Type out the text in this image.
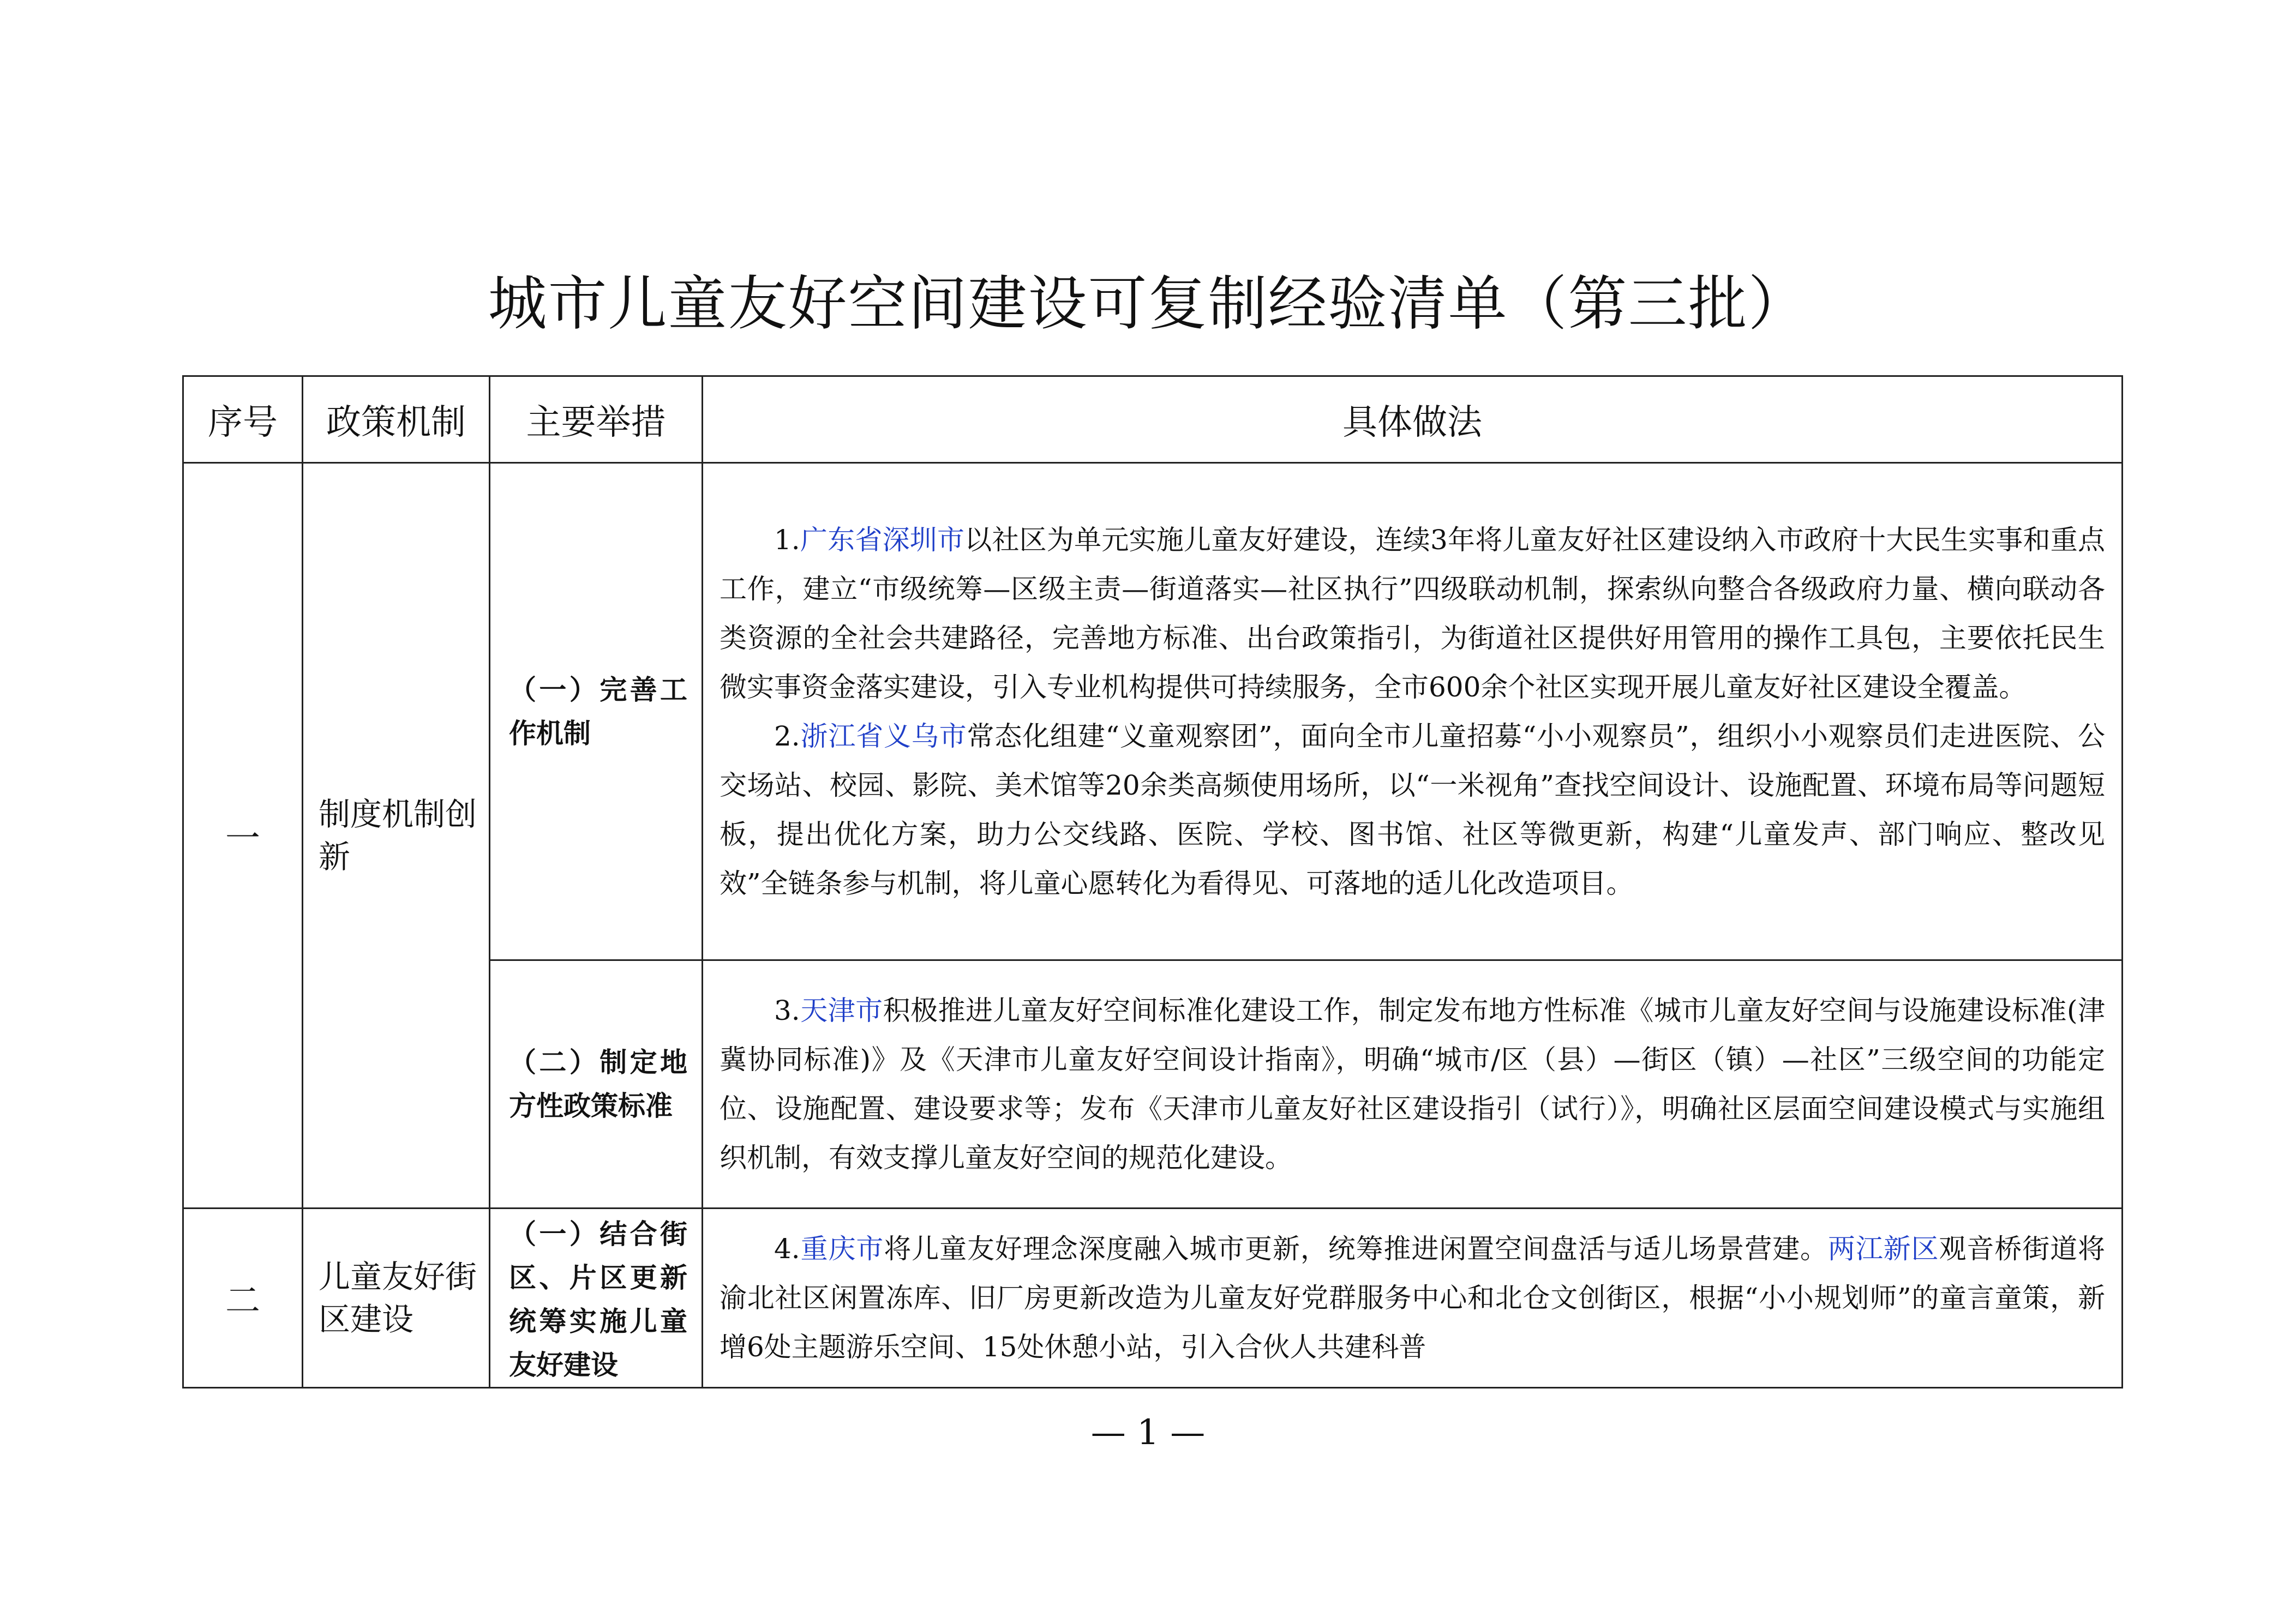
城市儿童友好空间建设可复制经验清单（第三批）
序号	政策机制	主要举措	具体做法
一	制度机制创新	（一）完善工作机制	1.广东省深圳市以社区为单元实施儿童友好建设，连续3年将儿童友好社区建设纳入市政府十大民生实事和重点工作，建立“市级统筹—区级主责—街道落实—社区执行”四级联动机制，探索纵向整合各级政府力量、横向联动各类资源的全社会共建路径，完善地方标准、出台政策指引，为街道社区提供好用管用的操作工具包，主要依托民生微实事资金落实建设，引入专业机构提供可持续服务，全市600余个社区实现开展儿童友好社区建设全覆盖。

2.浙江省义乌市常态化组建“义童观察团”，面向全市儿童招募“小小观察员”，组织小小观察员们走进医院、公交场站、校园、影院、美术馆等20余类高频使用场所，以“一米视角”查找空间设计、设施配置、环境布局等问题短板，提出优化方案，助力公交线路、医院、学校、图书馆、社区等微更新，构建“儿童发声、部门响应、整改见效”全链条参与机制，将儿童心愿转化为看得见、可落地的适儿化改造项目。

		（二）制定地方性政策标准	3.天津市积极推进儿童友好空间标准化建设工作，制定发布地方性标准《城市儿童友好空间与设施建设标准(津冀协同标准)》及《天津市儿童友好空间设计指南》，明确“城市/区（县）—街区（镇）—社区”三级空间的功能定位、设施配置、建设要求等；发布《天津市儿童友好社区建设指引（试行）》，明确社区层面空间建设模式与实施组织机制，有效支撑儿童友好空间的规范化建设。

二	儿童友好街区建设	（一）结合街区、片区更新统筹实施儿童友好建设	4.重庆市将儿童友好理念深度融入城市更新，统筹推进闲置空间盘活与适儿场景营建。两江新区观音桥街道将渝北社区闲置冻库、旧厂房更新改造为儿童友好党群服务中心和北仓文创街区，根据“小小规划师”的童言童策，新增6处主题游乐空间、15处休憩小站，引入合伙人共建科普

— 1 —
